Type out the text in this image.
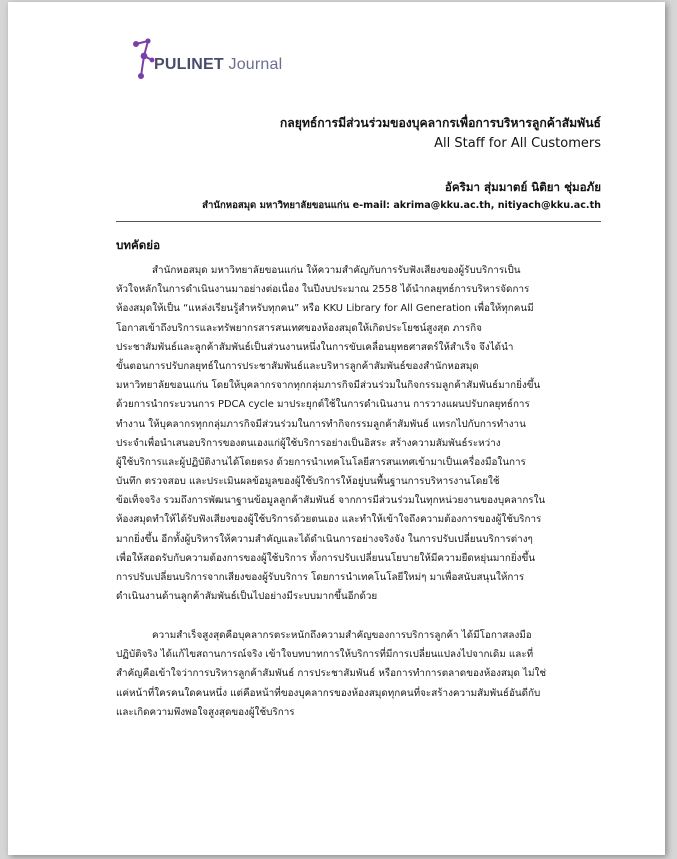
PULINET Journal
กลยุทธ์การมีส่วนร่วมของบุคลากรเพื่อการบริหารลูกค้าสัมพันธ์
All Staff for All Customers
อัคริมา สุ่มมาตย์ นิติยา ชุ่มอภัย
สำนักหอสมุด มหาวิทยาลัยขอนแก่น e-mail: akrima@kku.ac.th, nitiyach@kku.ac.th
บทคัดย่อ
สำนักหอสมุด มหาวิทยาลัยขอนแก่น ให้ความสำคัญกับการรับฟังเสียงของผู้รับบริการเป็น
หัวใจหลักในการดำเนินงานมาอย่างต่อเนื่อง ในปีงบประมาณ 2558 ได้นำกลยุทธ์การบริหารจัดการ
ห้องสมุดให้เป็น “แหล่งเรียนรู้สำหรับทุกคน” หรือ KKU Library for All Generation เพื่อให้ทุกคนมี
โอกาสเข้าถึงบริการและทรัพยากรสารสนเทศของห้องสมุดให้เกิดประโยชน์สูงสุด ภารกิจ
ประชาสัมพันธ์และลูกค้าสัมพันธ์เป็นส่วนงานหนึ่งในการขับเคลื่อนยุทธศาสตร์ให้สำเร็จ จึงได้นำ
ขั้นตอนการปรับกลยุทธ์ในการประชาสัมพันธ์และบริหารลูกค้าสัมพันธ์ของสำนักหอสมุด
มหาวิทยาลัยขอนแก่น โดยให้บุคลากรจากทุกกลุ่มภารกิจมีส่วนร่วมในกิจกรรมลูกค้าสัมพันธ์มากยิ่งขึ้น
ด้วยการนำกระบวนการ PDCA cycle มาประยุกต์ใช้ในการดำเนินงาน การวางแผนปรับกลยุทธ์การ
ทำงาน ให้บุคลากรทุกกลุ่มภารกิจมีส่วนร่วมในการทำกิจกรรมลูกค้าสัมพันธ์ แทรกไปกับการทำงาน
ประจำเพื่อนำเสนอบริการของตนเองแก่ผู้ใช้บริการอย่างเป็นอิสระ สร้างความสัมพันธ์ระหว่าง
ผู้ใช้บริการและผู้ปฏิบัติงานได้โดยตรง ด้วยการนำเทคโนโลยีสารสนเทศเข้ามาเป็นเครื่องมือในการ
บันทึก ตรวจสอบ และประเมินผลข้อมูลของผู้ใช้บริการให้อยู่บนพื้นฐานการบริหารงานโดยใช้
ข้อเท็จจริง รวมถึงการพัฒนาฐานข้อมูลลูกค้าสัมพันธ์ จากการมีส่วนร่วมในทุกหน่วยงานของบุคลากรใน
ห้องสมุดทำให้ได้รับฟังเสียงของผู้ใช้บริการด้วยตนเอง และทำให้เข้าใจถึงความต้องการของผู้ใช้บริการ
มากยิ่งขึ้น อีกทั้งผู้บริหารให้ความสำคัญและได้ดำเนินการอย่างจริงจัง ในการปรับเปลี่ยนบริการต่างๆ
เพื่อให้สอดรับกับความต้องการของผู้ใช้บริการ ทั้งการปรับเปลี่ยนนโยบายให้มีความยืดหยุ่นมากยิ่งขึ้น
การปรับเปลี่ยนบริการจากเสียงของผู้รับบริการ โดยการนำเทคโนโลยีใหม่ๆ มาเพื่อสนับสนุนให้การ
ดำเนินงานด้านลูกค้าสัมพันธ์เป็นไปอย่างมีระบบมากขึ้นอีกด้วย
ความสำเร็จสูงสุดคือบุคลากรตระหนักถึงความสำคัญของการบริการลูกค้า ได้มีโอกาสลงมือ
ปฏิบัติจริง ได้แก้ไขสถานการณ์จริง เข้าใจบทบาทการให้บริการที่มีการเปลี่ยนแปลงไปจากเดิม และที่
สำคัญคือเข้าใจว่าการบริหารลูกค้าสัมพันธ์ การประชาสัมพันธ์ หรือการทำการตลาดของห้องสมุด ไม่ใช่
แค่หน้าที่ใครคนใดคนหนึ่ง แต่คือหน้าที่ของบุคลากรของห้องสมุดทุกคนที่จะสร้างความสัมพันธ์อันดีกับ
และเกิดความพึงพอใจสูงสุดของผู้ใช้บริการ
